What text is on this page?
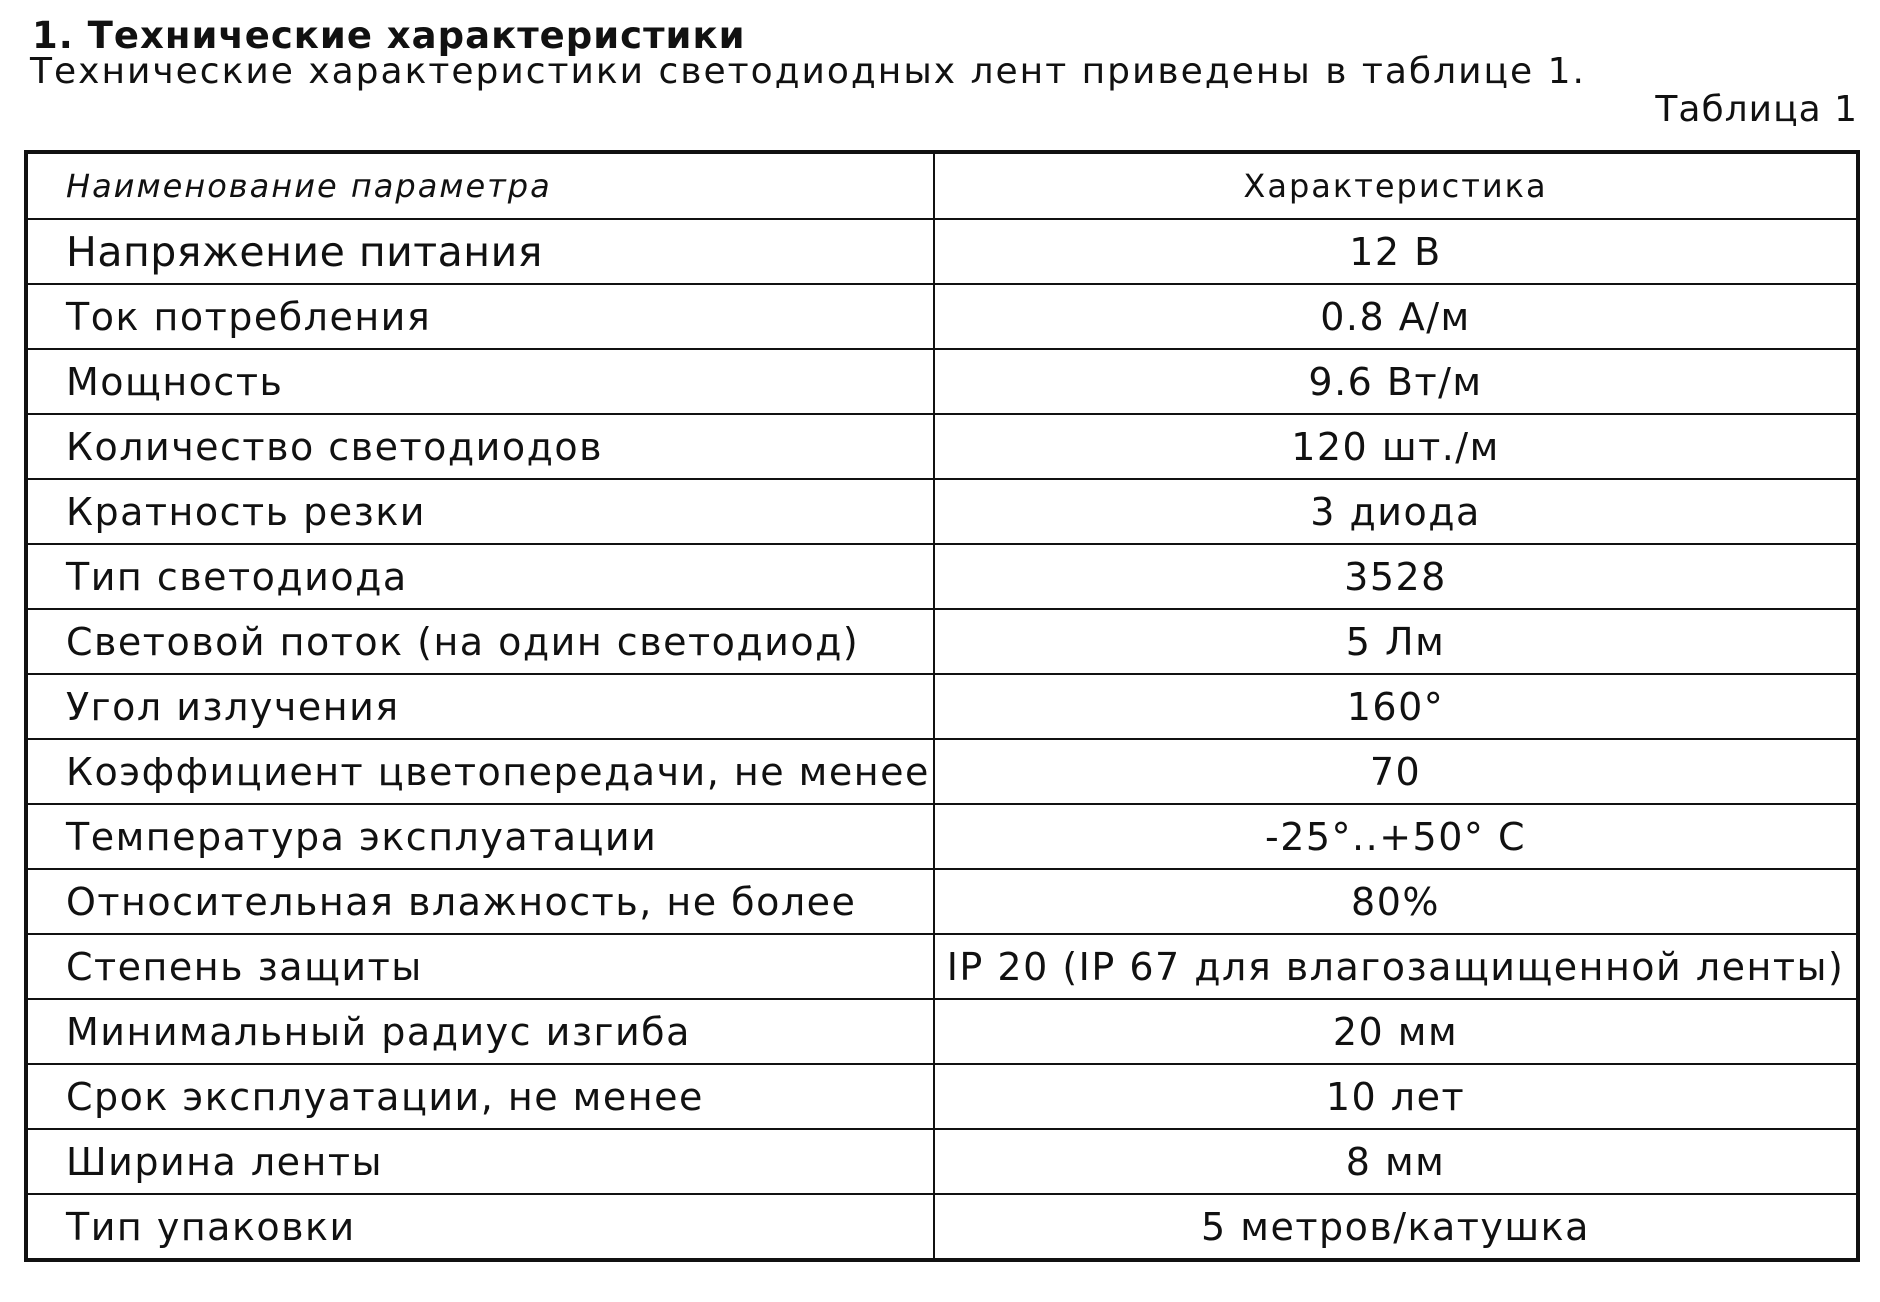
1. Технические характеристики
Технические характеристики светодиодных лент приведены в таблице 1.
Таблица 1
Наименование параметра	Характеристика
Напряжение питания	12 В
Ток потребления	0.8 А/м
Мощность	9.6 Вт/м
Количество светодиодов	120 шт./м
Кратность резки	3 диода
Тип светодиода	3528
Световой поток (на один светодиод)	5 Лм
Угол излучения	160°
Коэффициент цветопередачи, не менее	70
Температура эксплуатации	-25°..+50° С
Относительная влажность, не более	80%
Степень защиты	IP 20 (IP 67 для влагозащищенной ленты)
Минимальный радиус изгиба	20 мм
Срок эксплуатации, не менее	10 лет
Ширина ленты	8 мм
Тип упаковки	5 метров/катушка
